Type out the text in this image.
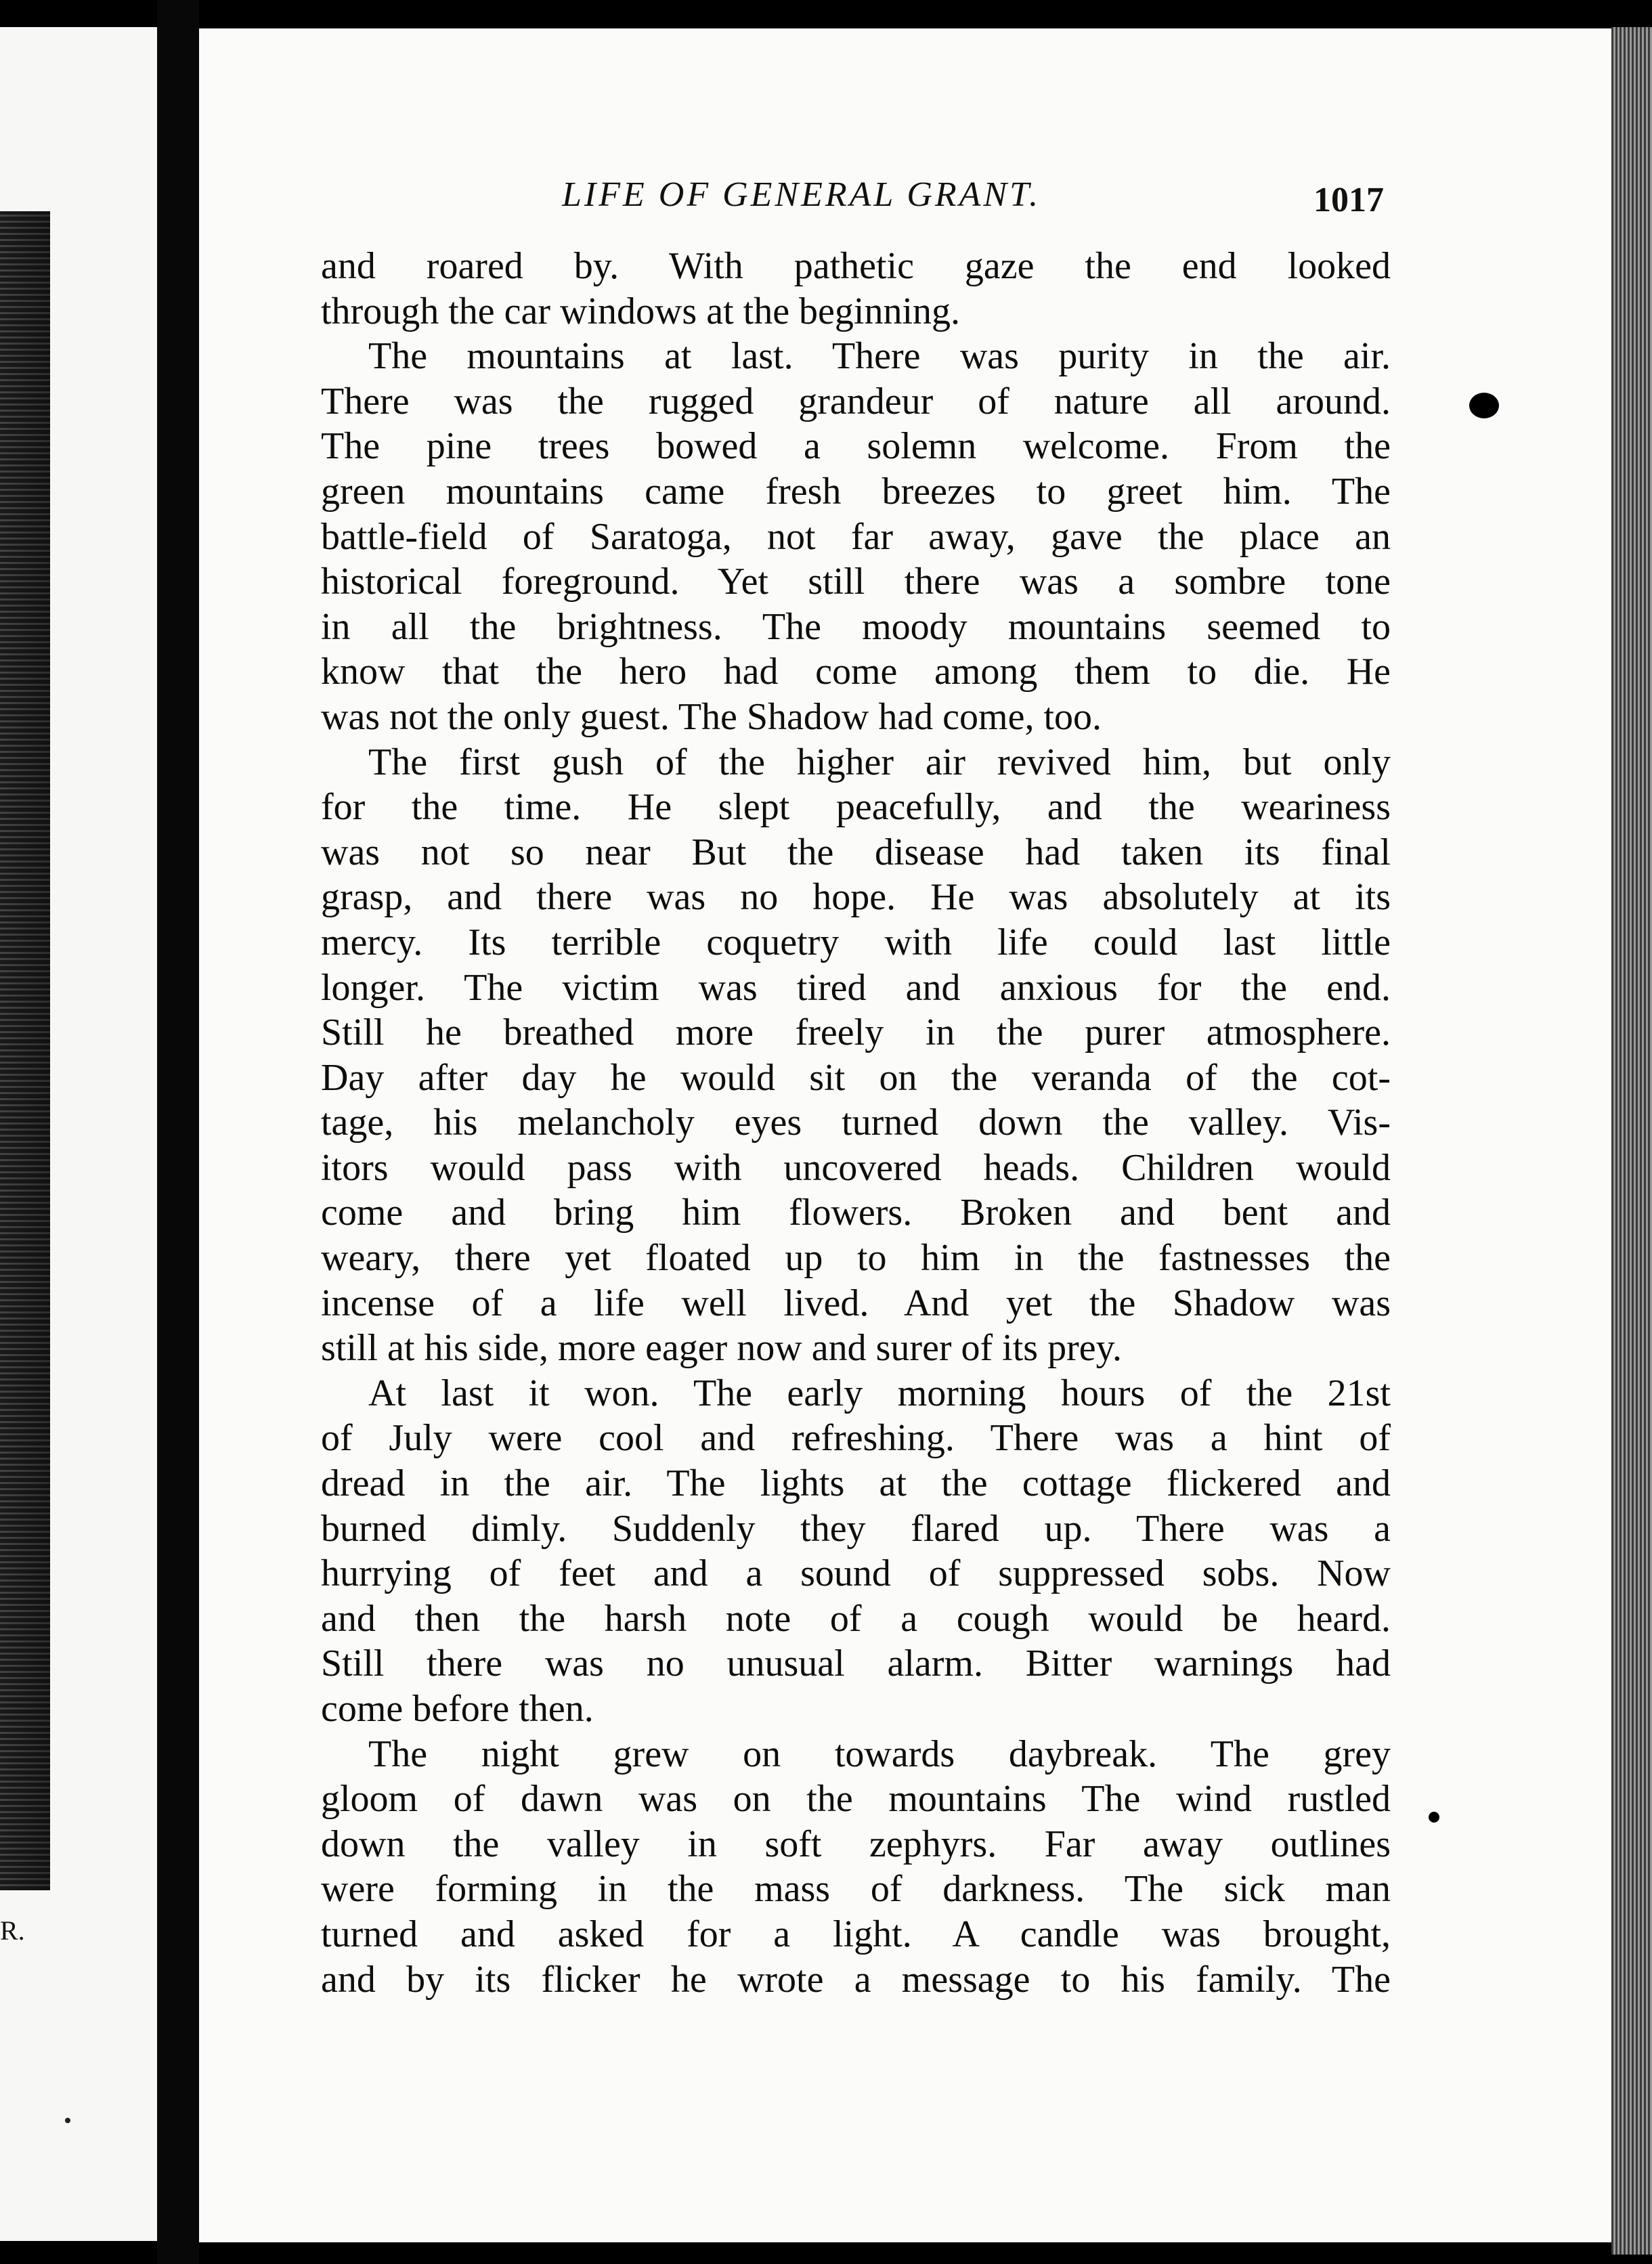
R.
LIFE OF GENERAL GRANT.	1017
and roared by. With pathetic gaze the end looked
through the car windows at the beginning.
The mountains at last. There was purity in the air.
There was the rugged grandeur of nature all around.
The pine trees bowed a solemn welcome. From the
green mountains came fresh breezes to greet him. The
battle-field of Saratoga, not far away, gave the place an
historical foreground. Yet still there was a sombre tone
in all the brightness. The moody mountains seemed to
know that the hero had come among them to die. He
was not the only guest. The Shadow had come, too.
The first gush of the higher air revived him, but only
for the time. He slept peacefully, and the weariness
was not so near But the disease had taken its final
grasp, and there was no hope. He was absolutely at its
mercy. Its terrible coquetry with life could last little
longer. The victim was tired and anxious for the end.
Still he breathed more freely in the purer atmosphere.
Day after day he would sit on the veranda of the cot-
tage, his melancholy eyes turned down the valley. Vis-
itors would pass with uncovered heads. Children would
come and bring him flowers. Broken and bent and
weary, there yet floated up to him in the fastnesses the
incense of a life well lived. And yet the Shadow was
still at his side, more eager now and surer of its prey.
At last it won. The early morning hours of the 21st
of July were cool and refreshing. There was a hint of
dread in the air. The lights at the cottage flickered and
burned dimly. Suddenly they flared up. There was a
hurrying of feet and a sound of suppressed sobs. Now
and then the harsh note of a cough would be heard.
Still there was no unusual alarm. Bitter warnings had
come before then.
The night grew on towards daybreak. The grey
gloom of dawn was on the mountains The wind rustled
down the valley in soft zephyrs. Far away outlines
were forming in the mass of darkness. The sick man
turned and asked for a light. A candle was brought,
and by its flicker he wrote a message to his family. The
